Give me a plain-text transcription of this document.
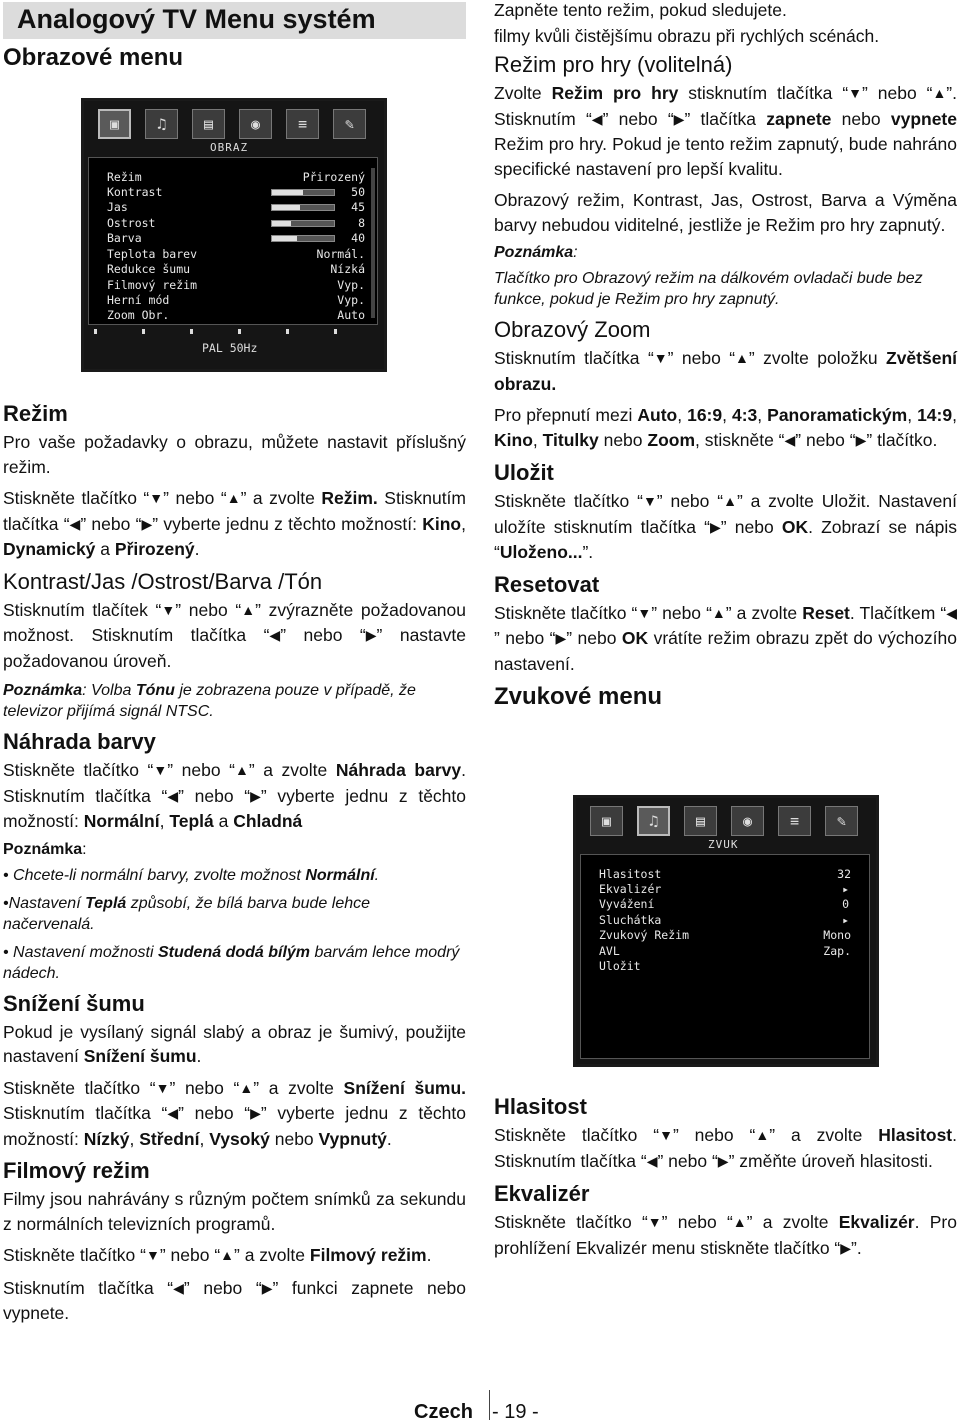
Analogový TV Menu systém
Obrazové menu
▣	♫	▤	◉	≡	✎
OBRAZ
Režim	Přirozený
Kontrast	50
Jas	45
Ostrost	8
Barva	40
Teplota barev	Normál.
Redukce šumu	Nízká
Filmový režim	Vyp.
Herní mód	Vyp.
Zoom Obr.	Auto
PAL 50Hz
Režim

Pro vaše požadavky o obrazu, můžete nastavit příslušný režim.

Stiskněte tlačítko “▼” nebo “▲” a zvolte Režim. Stisknutím tlačítka “◀” nebo “▶” vyberte jednu z těchto možností: Kino, Dynamický a Přirozený.

Kontrast/Jas /Ostrost/Barva /Tón

Stisknutím tlačítek “▼” nebo “▲” zvýrazněte požadovanou možnost. Stisknutím tlačítka “◀” nebo “▶” nastavte požadovanou úroveň.

Poznámka: Volba Tónu je zobrazena pouze v případě, že televizor přijímá signál NTSC.

Náhrada barvy

Stiskněte tlačítko “▼” nebo “▲” a zvolte Náhrada barvy. Stisknutím tlačítka “◀” nebo “▶” vyberte jednu z těchto možností: Normální, Teplá a Chladná

Poznámka:

• Chcete-li normální barvy, zvolte možnost Normální.

•Nastavení Teplá způsobí, že bílá barva bude lehce načervenalá.

• Nastavení možnosti Studená dodá bílým barvám lehce modrý nádech.

Snížení šumu

Pokud je vysílaný signál slabý a obraz je šumivý, použijte nastavení Snížení šumu.

Stiskněte tlačítko “▼” nebo “▲” a zvolte Snížení šumu. Stisknutím tlačítka “◀” nebo “▶” vyberte jednu z těchto možností: Nízký, Střední, Vysoký nebo Vypnutý.

Filmový režim

Filmy jsou nahrávány s různým počtem snímků za sekundu z normálních televizních programů.

Stiskněte tlačítko “▼” nebo “▲” a zvolte Filmový režim.

Stisknutím tlačítka “◀” nebo “▶” funkci zapnete nebo vypnete.

Zapněte tento režim, pokud sledujete.

filmy kvůli čistějšímu obrazu při rychlých scénách.

Režim pro hry (volitelná)

Zvolte Režim pro hry stisknutím tlačítka “▼” nebo “▲”. Stisknutím “◀” nebo “▶” tlačítka zapnete nebo vypnete Režim pro hry. Pokud je tento režim zapnutý, bude nahráno specifické nastavení pro lepší kvalitu.

Obrazový režim, Kontrast, Jas, Ostrost, Barva a Výměna barvy nebudou viditelné, jestliže je Režim pro hry zapnutý.

Poznámka:

Tlačítko pro Obrazový režim na dálkovém ovladači bude bez funkce, pokud je Režim pro hry zapnutý.

Obrazový Zoom

Stisknutím tlačítka “▼” nebo “▲” zvolte položku Zvětšení obrazu.

Pro přepnutí mezi Auto, 16:9, 4:3, Panoramatickým, 14:9, Kino, Titulky nebo Zoom, stiskněte “◀” nebo “▶” tlačítko.

Uložit

Stiskněte tlačítko “▼” nebo “▲” a zvolte Uložit. Nastavení uložíte stisknutím tlačítka “▶” nebo OK. Zobrazí se nápis “Uloženo...”.

Resetovat

Stiskněte tlačítko “▼” nebo “▲” a zvolte Reset. Tlačítkem “◀” nebo “▶” nebo OK vrátíte režim obrazu zpět do výchozího nastavení.

Zvukové menu
▣	♫	▤	◉	≡	✎
ZVUK
Hlasitost	32
Ekvalizér	▸
Vyvážení	0
Sluchátka	▸
Zvukový Režim	Mono
AVL	Zap.
Uložit
Hlasitost

Stiskněte tlačítko “▼” nebo “▲” a zvolte Hlasitost. Stisknutím tlačítka “◀” nebo “▶” změňte úroveň hlasitosti.

Ekvalizér

Stiskněte tlačítko “▼” nebo “▲” a zvolte Ekvalizér. Pro prohlížení Ekvalizér menu stiskněte tlačítko “▶”.

Czech - 19 -
